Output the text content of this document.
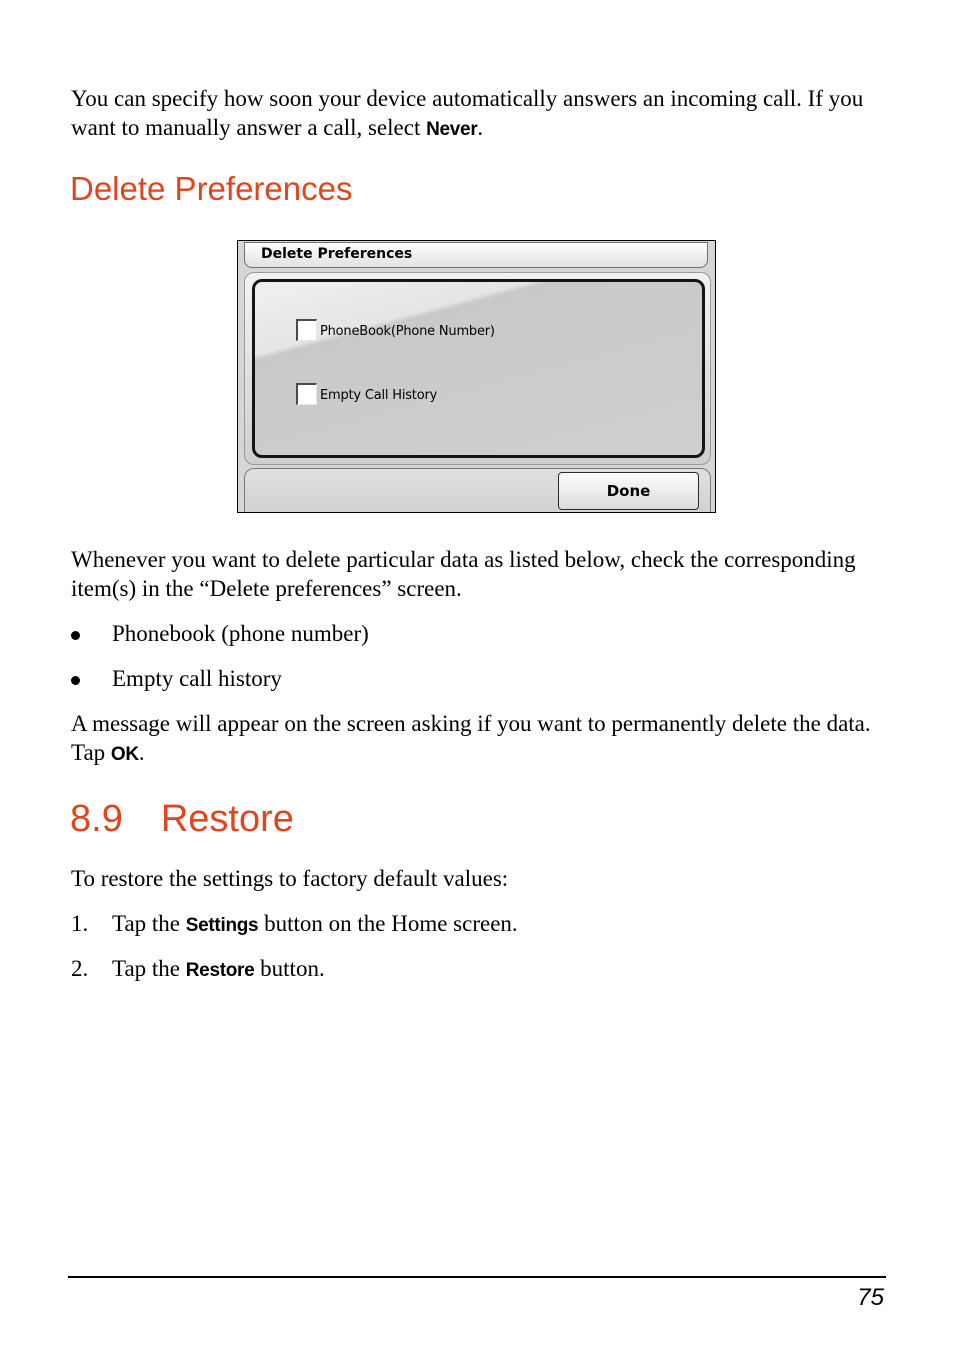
You can specify how soon your device automatically answers an incoming call. If you want to manually answer a call, select Never.

Delete Preferences
Delete Preferences
PhoneBook(Phone Number)
Empty Call History
Done

Whenever you want to delete particular data as listed below, check the corresponding item(s) in the “Delete preferences” screen.

Phonebook (phone number)
Empty call history

A message will appear on the screen asking if you want to permanently delete the data. Tap OK.

8.9 Restore

To restore the settings to factory default values:

1. Tap the Settings button on the Home screen.
2. Tap the Restore button.
75
